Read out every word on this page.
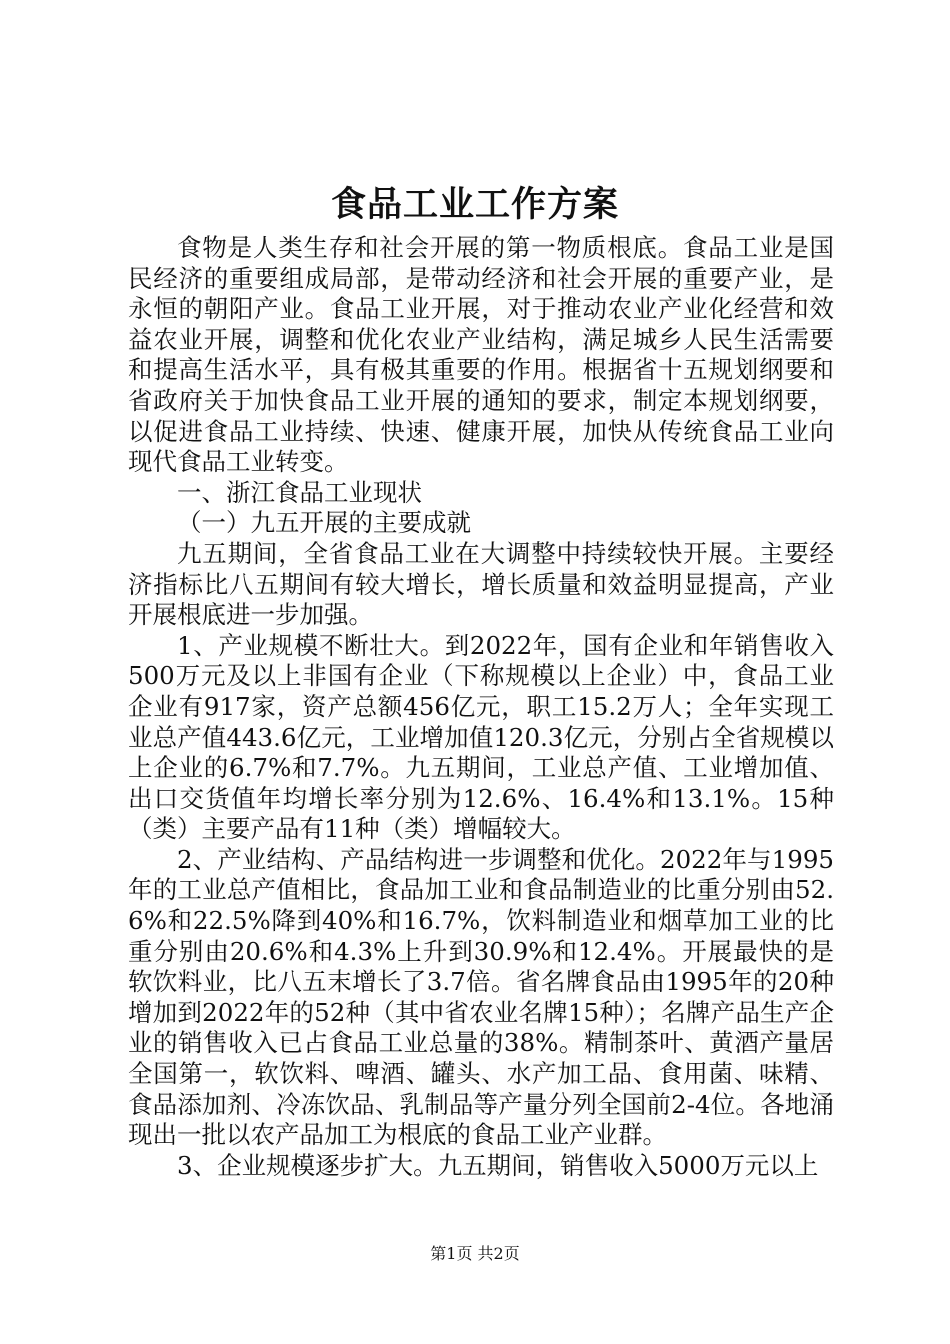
食品工业工作方案

食物是人类生存和社会开展的第一物质根底。食品工业是国民经济的重要组成局部，是带动经济和社会开展的重要产业，是永恒的朝阳产业。食品工业开展，对于推动农业产业化经营和效益农业开展，调整和优化农业产业结构，满足城乡人民生活需要和提高生活水平，具有极其重要的作用。根据省十五规划纲要和省政府关于加快食品工业开展的通知的要求，制定本规划纲要，以促进食品工业持续、快速、健康开展，加快从传统食品工业向现代食品工业转变。

一、浙江食品工业现状

（一）九五开展的主要成就

九五期间，全省食品工业在大调整中持续较快开展。主要经济指标比八五期间有较大增长，增长质量和效益明显提高，产业开展根底进一步加强。

1、产业规模不断壮大。到2022年，国有企业和年销售收入500万元及以上非国有企业（下称规模以上企业）中，食品工业企业有917家，资产总额456亿元，职工15.2万人；全年实现工业总产值443.6亿元，工业增加值120.3亿元，分别占全省规模以上企业的6.7%和7.7%。九五期间，工业总产值、工业增加值、出口交货值年均增长率分别为12.6%、16.4%和13.1%。15种（类）主要产品有11种（类）增幅较大。

2、产业结构、产品结构进一步调整和优化。2022年与1995年的工业总产值相比，食品加工业和食品制造业的比重分别由52.6%和22.5%降到40%和16.7%，饮料制造业和烟草加工业的比重分别由20.6%和4.3%上升到30.9%和12.4%。开展最快的是软饮料业，比八五末增长了3.7倍。省名牌食品由1995年的20种增加到2022年的52种（其中省农业名牌15种）；名牌产品生产企业的销售收入已占食品工业总量的38%。精制茶叶、黄酒产量居全国第一，软饮料、啤酒、罐头、水产加工品、食用菌、味精、食品添加剂、冷冻饮品、乳制品等产量分列全国前2-4位。各地涌现出一批以农产品加工为根底的食品工业产业群。

3、企业规模逐步扩大。九五期间，销售收入5000万元以上

第1页 共2页
